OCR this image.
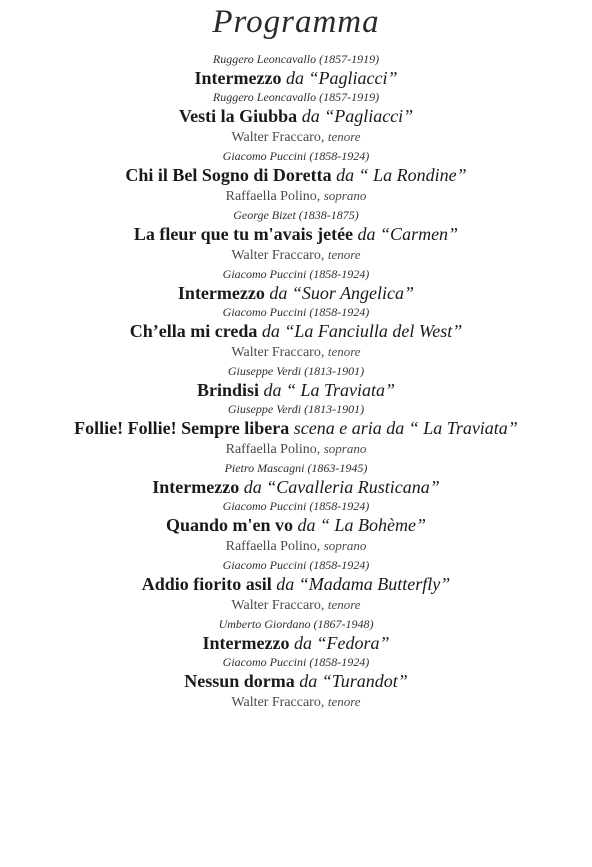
Programma
Ruggero Leoncavallo (1857-1919)
Intermezzo da “Pagliacci”
Ruggero Leoncavallo (1857-1919)
Vesti la Giubba da “Pagliacci”
Walter Fraccaro, tenore
Giacomo Puccini (1858-1924)
Chi il Bel Sogno di Doretta da “ La Rondine”
Raffaella Polino, soprano
George Bizet (1838-1875)
La fleur que tu m'avais jetée da “Carmen”
Walter Fraccaro, tenore
Giacomo Puccini (1858-1924)
Intermezzo da “Suor Angelica”
Giacomo Puccini (1858-1924)
Ch’ella mi creda da “La Fanciulla del West”
Walter Fraccaro, tenore
Giuseppe Verdi (1813-1901)
Brindisi da “ La Traviata”
Giuseppe Verdi (1813-1901)
Follie! Follie! Sempre libera scena e aria da “ La Traviata”
Raffaella Polino, soprano
Pietro Mascagni (1863-1945)
Intermezzo da “Cavalleria Rusticana”
Giacomo Puccini (1858-1924)
Quando m'en vo da “ La Bohème”
Raffaella Polino, soprano
Giacomo Puccini (1858-1924)
Addio fiorito asil da “Madama Butterfly”
Walter Fraccaro, tenore
Umberto Giordano (1867-1948)
Intermezzo da “Fedora”
Giacomo Puccini (1858-1924)
Nessun dorma da “Turandot”
Walter Fraccaro, tenore
